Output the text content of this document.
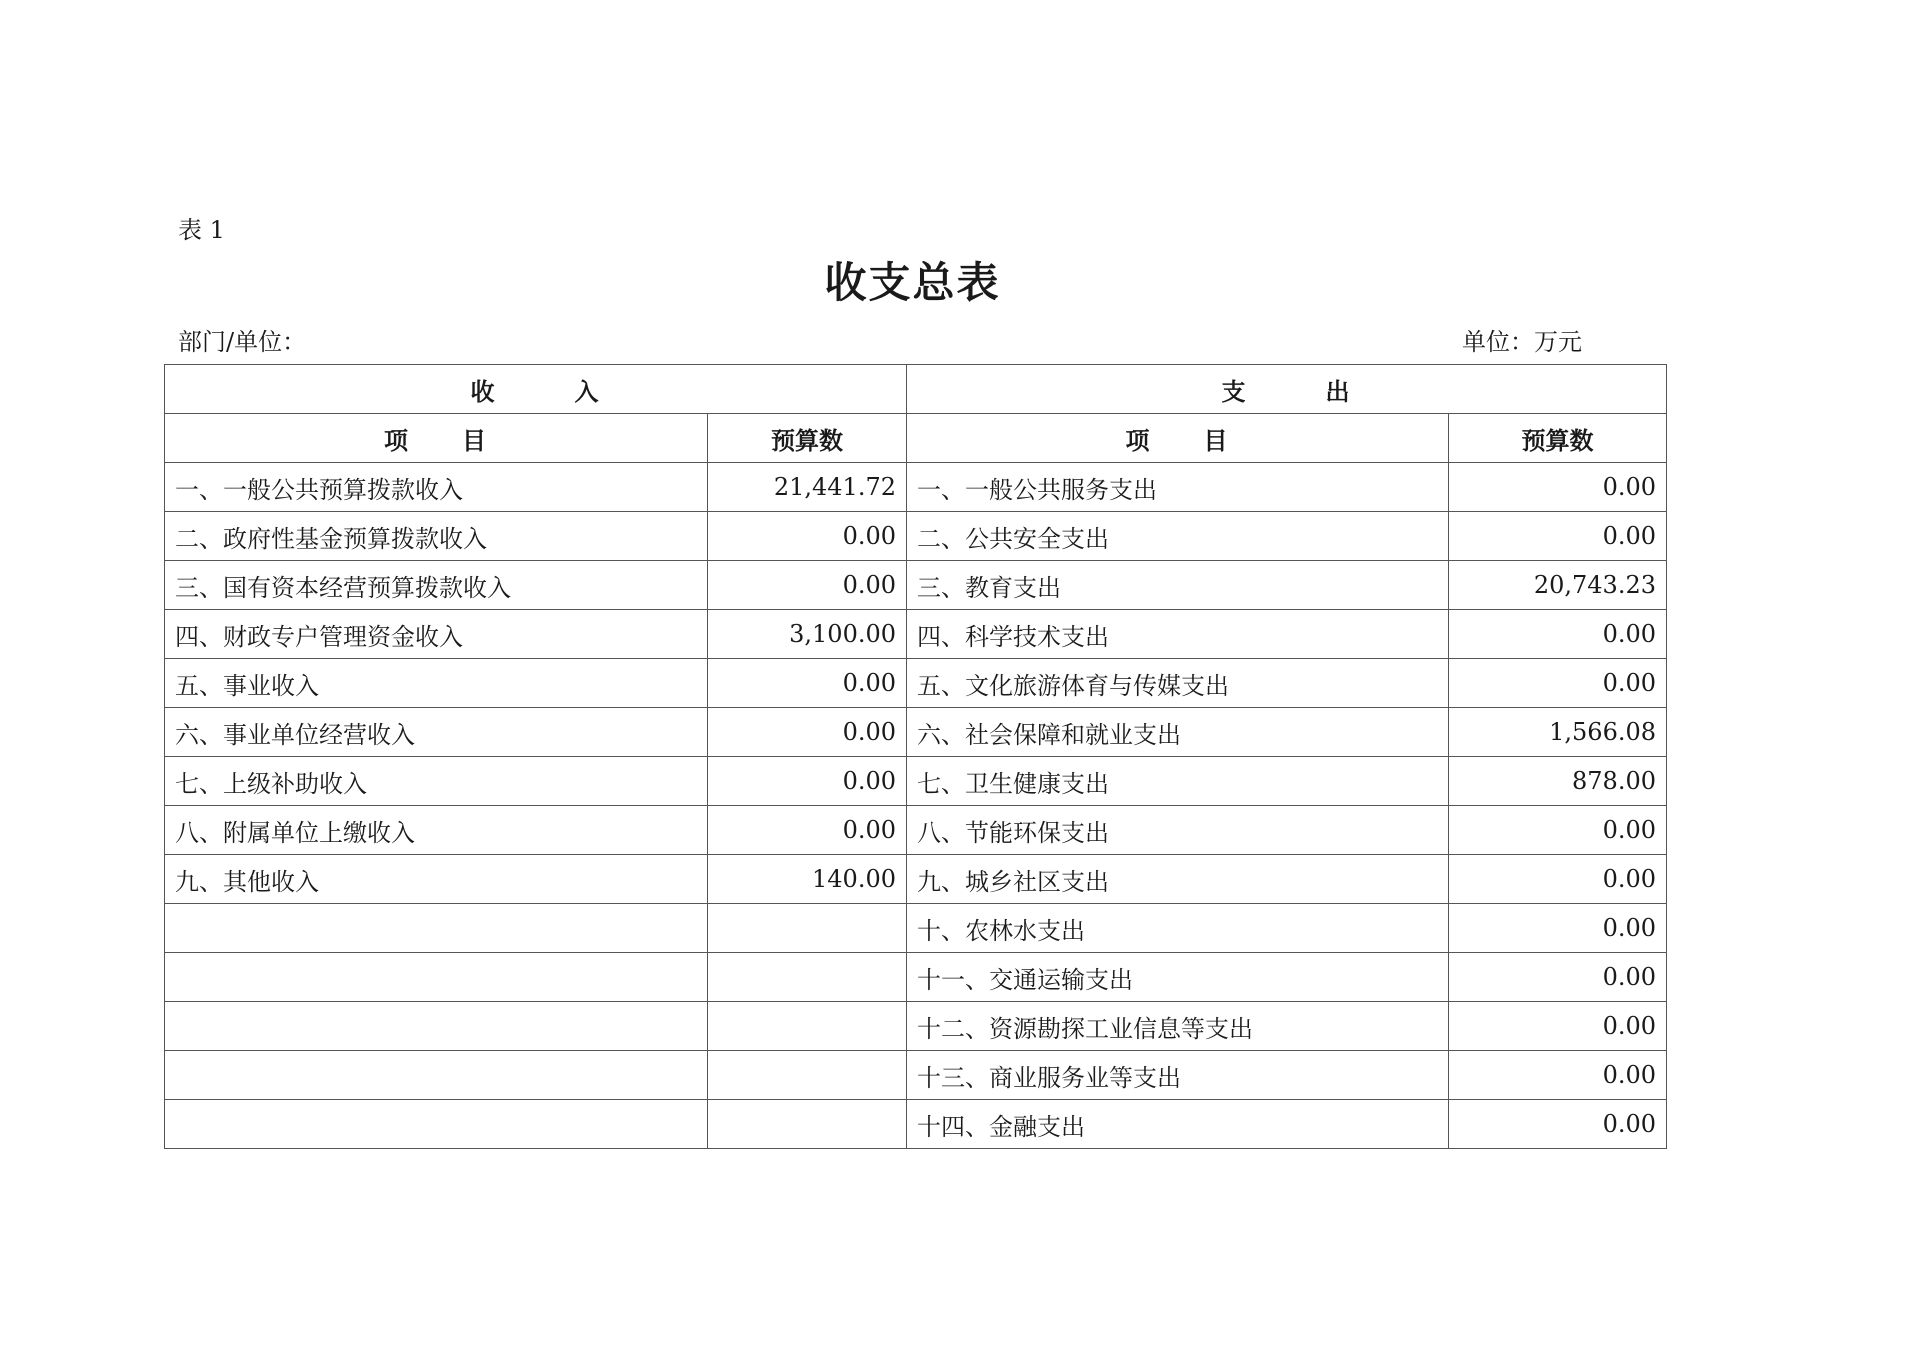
表 1
收支总表
部门/单位：	单位：万元
收　　　入		支　　　出	
项　　目	预算数	项　　目	预算数
一、一般公共预算拨款收入	21,441.72	一、一般公共服务支出	0.00
二、政府性基金预算拨款收入	0.00	二、公共安全支出	0.00
三、国有资本经营预算拨款收入	0.00	三、教育支出	20,743.23
四、财政专户管理资金收入	3,100.00	四、科学技术支出	0.00
五、事业收入	0.00	五、文化旅游体育与传媒支出	0.00
六、事业单位经营收入	0.00	六、社会保障和就业支出	1,566.08
七、上级补助收入	0.00	七、卫生健康支出	878.00
八、附属单位上缴收入	0.00	八、节能环保支出	0.00
九、其他收入	140.00	九、城乡社区支出	0.00
		十、农林水支出	0.00
		十一、交通运输支出	0.00
		十二、资源勘探工业信息等支出	0.00
		十三、商业服务业等支出	0.00
		十四、金融支出	0.00
